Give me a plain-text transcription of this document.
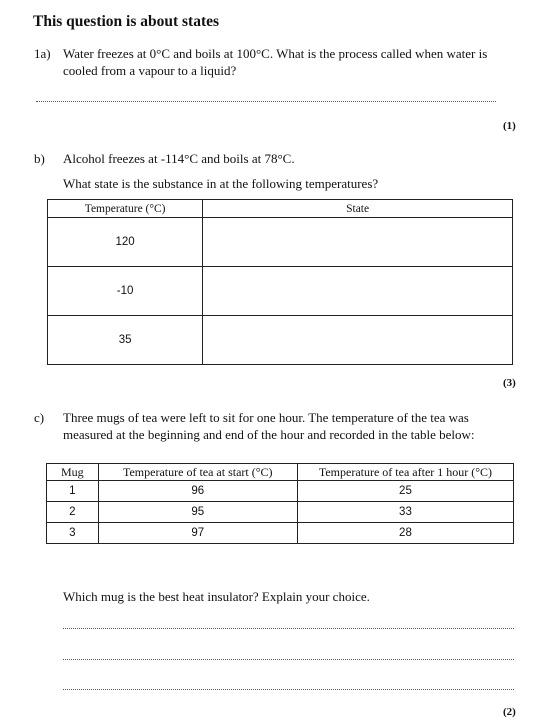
This question is about states
1a) Water freezes at 0°C and boils at 100°C. What is the process called when water is cooled from a vapour to a liquid?
(1)
b) Alcohol freezes at -114°C and boils at 78°C.
What state is the substance in at the following temperatures?
Temperature (°C)	State
120	
-10	
35	
(3)
c) Three mugs of tea were left to sit for one hour. The temperature of the tea was measured at the beginning and end of the hour and recorded in the table below:
Mug	Temperature of tea at start (°C)	Temperature of tea after 1 hour (°C)
1	96	25
2	95	33
3	97	28
Which mug is the best heat insulator? Explain your choice.
(2)
